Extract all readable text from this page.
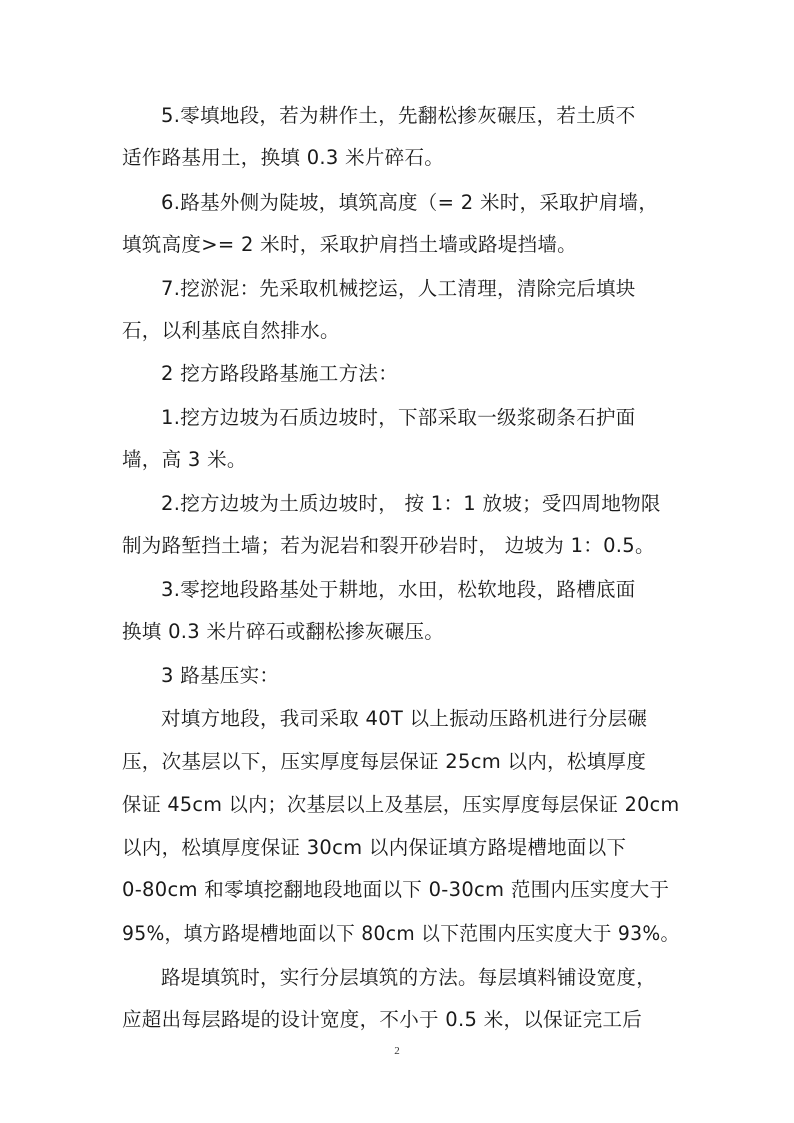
5.零填地段，若为耕作土，先翻松掺灰碾压，若土质不
适作路基用土，换填 0.3 米片碎石。
6.路基外侧为陡坡，填筑高度（= 2 米时，采取护肩墙，
填筑高度>= 2 米时，采取护肩挡土墙或路堤挡墙。
7.挖淤泥：先采取机械挖运，人工清理，清除完后填块
石，以利基底自然排水。
2 挖方路段路基施工方法：
1.挖方边坡为石质边坡时，下部采取一级浆砌条石护面
墙，高 3 米。
2.挖方边坡为土质边坡时， 按 1：1 放坡；受四周地物限
制为路堑挡土墙；若为泥岩和裂开砂岩时， 边坡为 1：0.5。
3.零挖地段路基处于耕地，水田，松软地段，路槽底面
换填 0.3 米片碎石或翻松掺灰碾压。
3 路基压实：
对填方地段，我司采取 40T 以上振动压路机进行分层碾
压，次基层以下，压实厚度每层保证 25cm 以内，松填厚度
保证 45cm 以内；次基层以上及基层，压实厚度每层保证 20cm
以内，松填厚度保证 30cm 以内保证填方路堤槽地面以下
0-80cm 和零填挖翻地段地面以下 0-30cm 范围内压实度大于
95%，填方路堤槽地面以下 80cm 以下范围内压实度大于 93%。
路堤填筑时，实行分层填筑的方法。每层填料铺设宽度，
应超出每层路堤的设计宽度，不小于 0.5 米，以保证完工后
2
